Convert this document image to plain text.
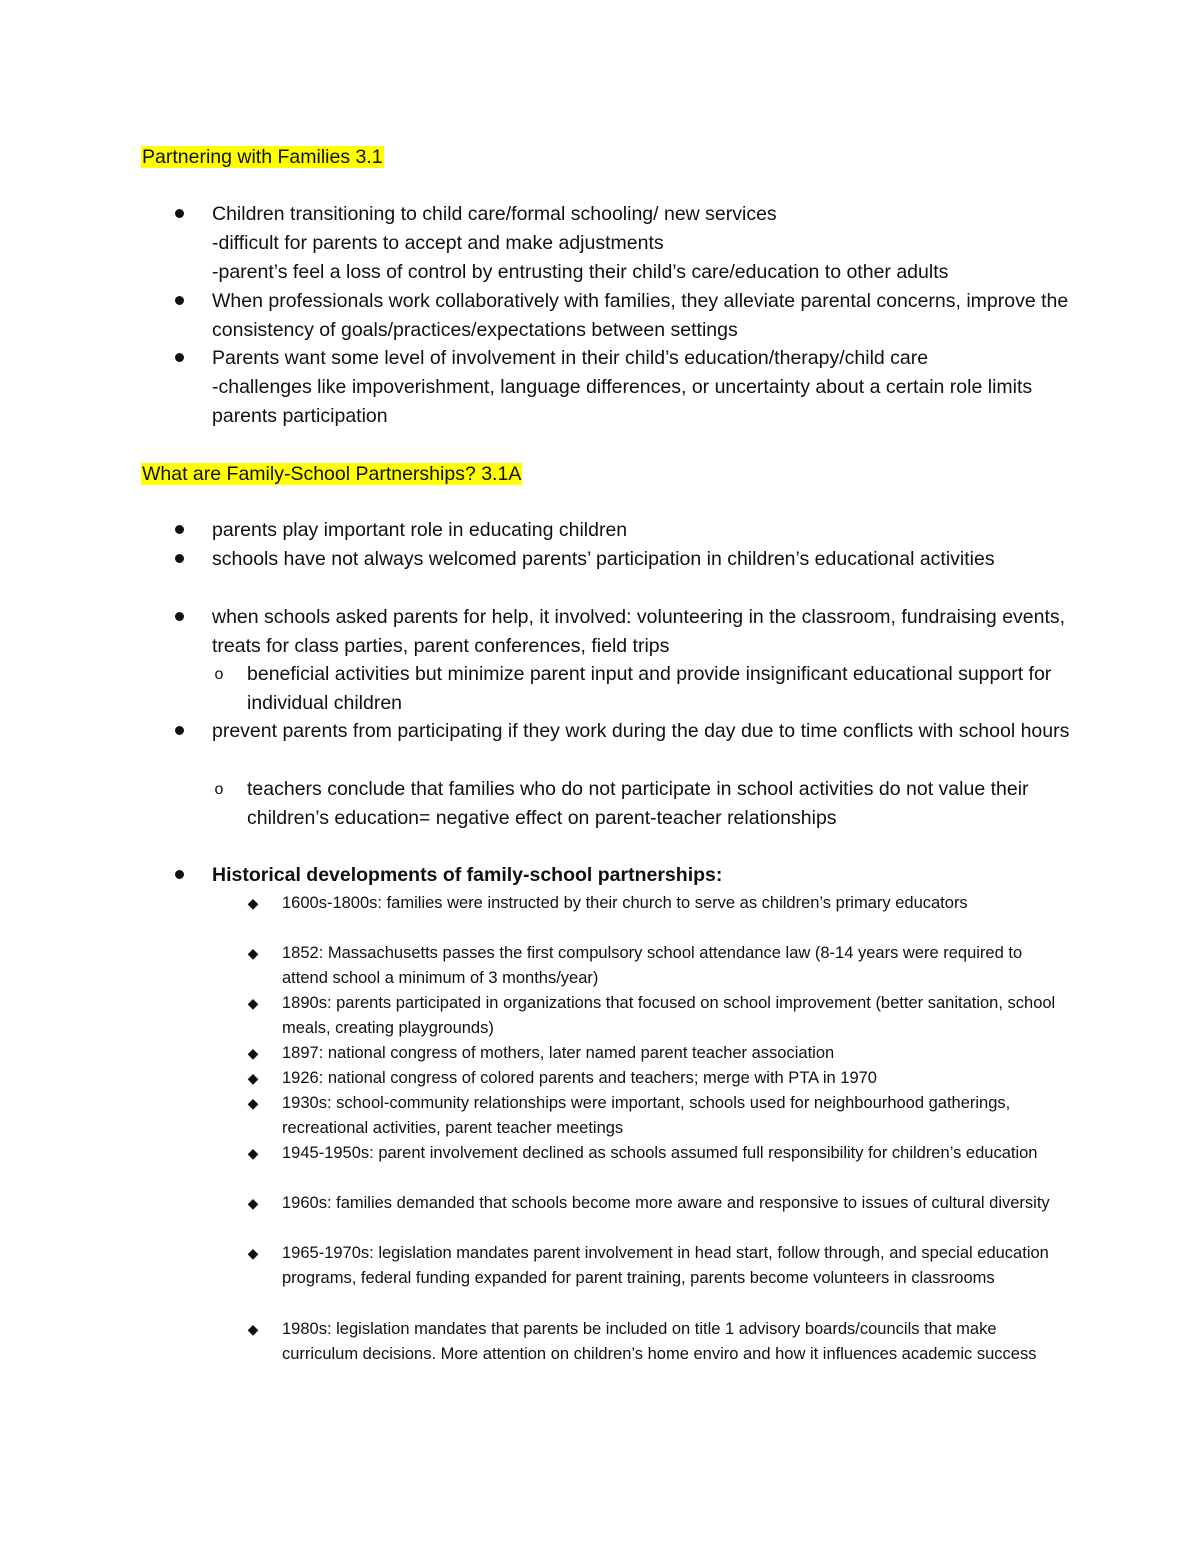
Partnering with Families 3.1
Children transitioning to child care/formal schooling/ new services
-difficult for parents to accept and make adjustments
-parent’s feel a loss of control by entrusting their child’s care/education to other adults
When professionals work collaboratively with families, they alleviate parental concerns, improve the consistency of goals/practices/expectations between settings
Parents want some level of involvement in their child’s education/therapy/child care
-challenges like impoverishment, language differences, or uncertainty about a certain role limits parents participation
What are Family-School Partnerships? 3.1A
parents play important role in educating children
schools have not always welcomed parents’ participation in children’s educational activities
when schools asked parents for help, it involved: volunteering in the classroom, fundraising events, treats for class parties, parent conferences, field trips
o beneficial activities but minimize parent input and provide insignificant educational support for individual children
prevent parents from participating if they work during the day due to time conflicts with school hours
o teachers conclude that families who do not participate in school activities do not value their children’s education= negative effect on parent-teacher relationships
Historical developments of family-school partnerships:
◆ 1600s-1800s: families were instructed by their church to serve as children’s primary educators
◆ 1852: Massachusetts passes the first compulsory school attendance law (8-14 years were required to attend school a minimum of 3 months/year)
◆ 1890s: parents participated in organizations that focused on school improvement (better sanitation, school meals, creating playgrounds)
◆ 1897: national congress of mothers, later named parent teacher association
◆ 1926: national congress of colored parents and teachers; merge with PTA in 1970
◆ 1930s: school-community relationships were important, schools used for neighbourhood gatherings, recreational activities, parent teacher meetings
◆ 1945-1950s: parent involvement declined as schools assumed full responsibility for children’s education
◆ 1960s: families demanded that schools become more aware and responsive to issues of cultural diversity
◆ 1965-1970s: legislation mandates parent involvement in head start, follow through, and special education programs, federal funding expanded for parent training, parents become volunteers in classrooms
◆ 1980s: legislation mandates that parents be included on title 1 advisory boards/councils that make curriculum decisions. More attention on children’s home enviro and how it influences academic success
